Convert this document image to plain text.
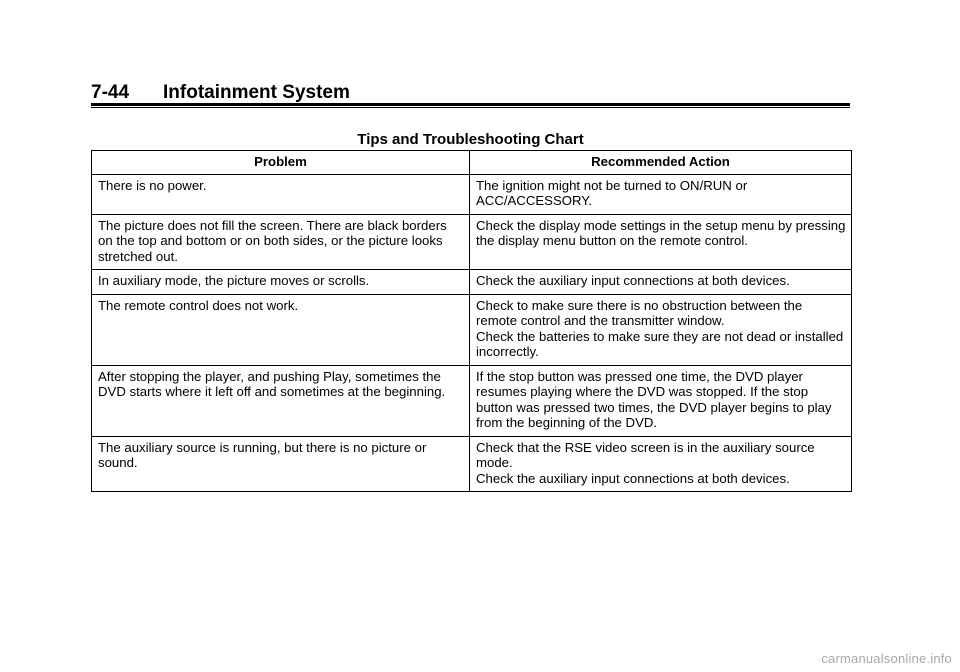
7-44 Infotainment System
Tips and Troubleshooting Chart
Problem	Recommended Action

There is no power.	The ignition might not be turned to ON/RUN or ACC/ACCESSORY.

The picture does not fill the screen. There are black borders on the top and bottom or on both sides, or the picture looks stretched out.	Check the display mode settings in the setup menu by pressing the display menu button on the remote control.

In auxiliary mode, the picture moves or scrolls.	Check the auxiliary input connections at both devices.

The remote control does not work.	Check to make sure there is no obstruction between the remote control and the transmitter window.
Check the batteries to make sure they are not dead or installed incorrectly.

After stopping the player, and pushing Play, sometimes the DVD starts where it left off and sometimes at the beginning.	If the stop button was pressed one time, the DVD player resumes playing where the DVD was stopped. If the stop button was pressed two times, the DVD player begins to play from the beginning of the DVD.

The auxiliary source is running, but there is no picture or sound.	Check that the RSE video screen is in the auxiliary source mode.
Check the auxiliary input connections at both devices.
carmanualsonline.info
